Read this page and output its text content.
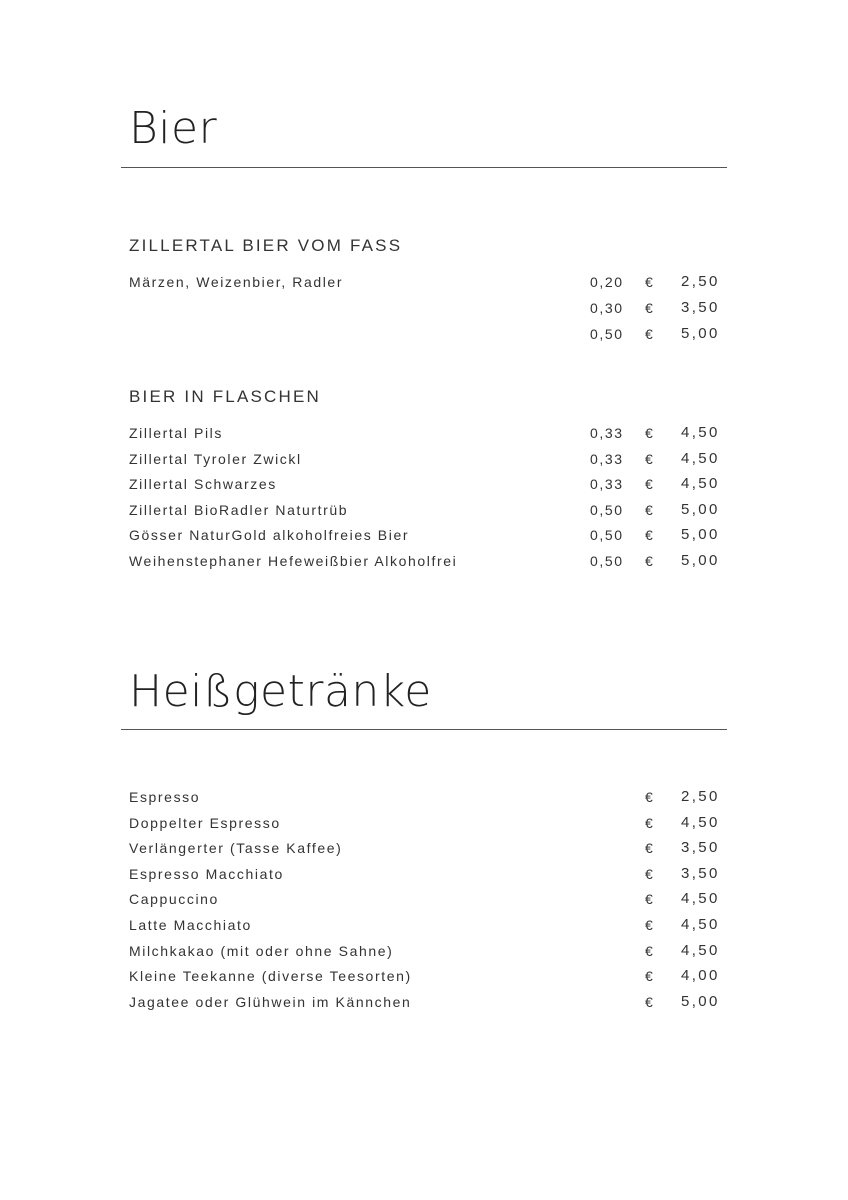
Bier
ZILLERTAL BIER VOM FASS
Märzen, Weizenbier, Radler	0,20 € 2,50
0,30 € 3,50
0,50 € 5,00
BIER IN FLASCHEN
Zillertal Pils	0,33 € 4,50
Zillertal Tyroler Zwickl	0,33 € 4,50
Zillertal Schwarzes	0,33 € 4,50
Zillertal BioRadler Naturtrüb	0,50 € 5,00
Gösser NaturGold alkoholfreies Bier	0,50 € 5,00
Weihenstephaner Hefeweißbier Alkoholfrei	0,50 € 5,00
Heißgetränke
Espresso	€ 2,50
Doppelter Espresso	€ 4,50
Verlängerter (Tasse Kaffee)	€ 3,50
Espresso Macchiato	€ 3,50
Cappuccino	€ 4,50
Latte Macchiato	€ 4,50
Milchkakao (mit oder ohne Sahne)	€ 4,50
Kleine Teekanne (diverse Teesorten)	€ 4,00
Jagatee oder Glühwein im Kännchen	€ 5,00
